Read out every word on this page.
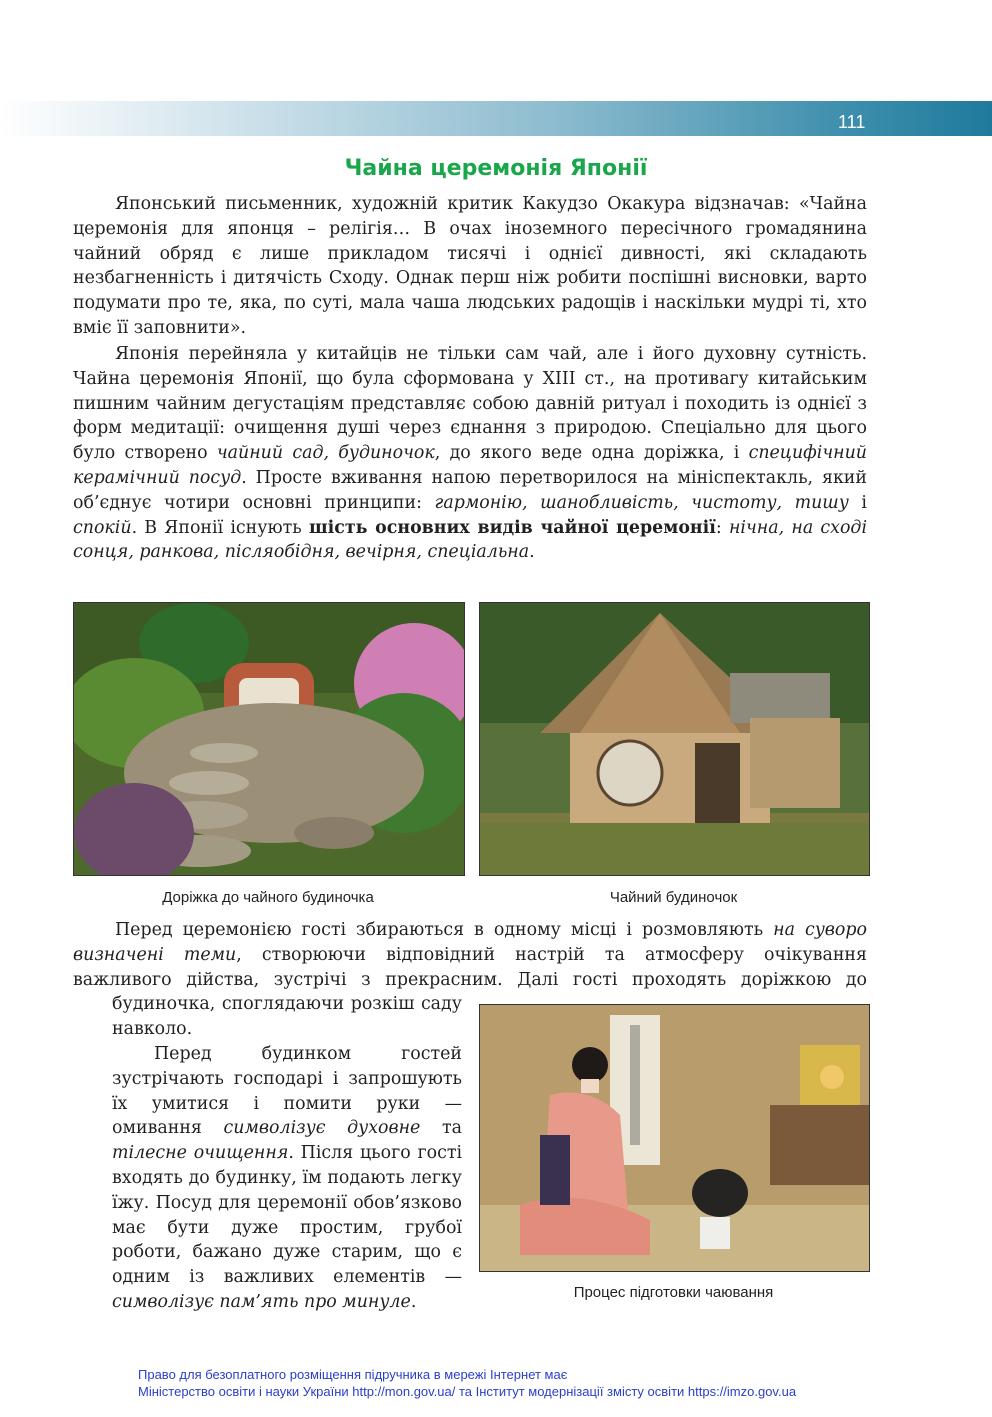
111
Чайна церемонія Японії

Японський письменник, художній критик Какудзо Окакура відзначав: «Чайна церемонія для японця – релігія… В очах іноземного пересічного громадянина чайний обряд є лише прикладом тисячі і однієї дивності, які складають незбагненність і дитячість Сходу. Однак перш ніж робити поспішні висновки, варто подумати про те, яка, по суті, мала чаша людських радощів і наскільки мудрі ті, хто вміє її заповнити».

Японія перейняла у китайців не тільки сам чай, але і його духовну сутність. Чайна церемонія Японії, що була сформована у XIII ст., на противагу китайським пишним чайним дегустаціям представляє собою давній ритуал і походить із однієї з форм медитації: очищення душі через єднання з природою. Спеціально для цього було створено чайний сад, будиночок, до якого веде одна доріжка, і специфічний керамічний посуд. Просте вживання напою перетворилося на мініспектакль, який об’єднує чотири основні принципи: гармонію, шанобливість, чистоту, тишу і спокій. В Японії існують шість основних видів чайної церемонії: нічна, на сході сонця, ранкова, післяобідня, вечірня, спеціальна.

Доріжка до чайного будиночка	Чайний будиночок

Перед церемонією гості збираються в одному місці і розмовляють на суворо визначені теми, створюючи відповідний настрій та атмосферу очікування важливого дійства, зустрічі з прекрасним. Далі гості проходять доріжкою до

будиночка, споглядаючи розкіш саду навколо.

Перед будинком гостей зустрічають господарі і запрошують їх умитися і помити руки — омивання символізує духовне та тілесне очищення. Після цього гості входять до будинку, їм подають легку їжу. Посуд для церемонії обов’язково має бути дуже простим, грубої роботи, бажано дуже старим, що є одним із важливих елементів — символізує пам’ять про минуле.	Процес підготовки чаювання
Право для безоплатного розміщення підручника в мережі Інтернет має
Міністерство освіти і науки України http://mon.gov.ua/ та Інститут модернізації змісту освіти https://imzo.gov.ua
